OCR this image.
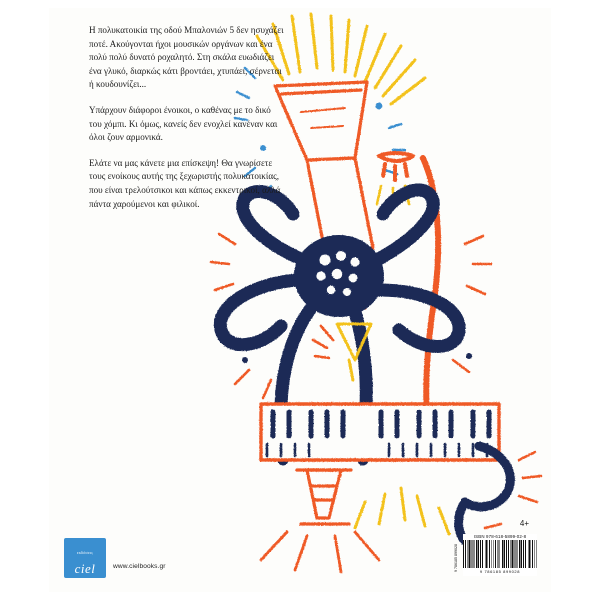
Η πολυκατοικία της οδού Μπαλονιών 5 δεν ησυχάζει ποτέ. Ακούγονται ήχοι μουσικών οργάνων και ένα πολύ πολύ δυνατό ροχαλητό. Στη σκάλα ευωδιάζει ένα γλυκό, διαρκώς κάτι βροντάει, χτυπάει, σέρνεται ή κουδουνίζει...

Υπάρχουν διάφοροι ένοικοι, ο καθένας με το δικό του χόμπι. Κι όμως, κανείς δεν ενοχλεί κανέναν και όλοι ζουν αρμονικά.

Ελάτε να μας κάνετε μια επίσκεψη! Θα γνωρίσετε τους ενοίκους αυτής της ξεχωριστής πολυκατοικίας, που είναι τρελούτσικοι και κάπως εκκεντρικοί, αλλά πάντα χαρούμενοι και φιλικοί.

εκδόσεις
ciel	www.cielbooks.gr
4+
ISBN 978-618-5899-02-8
9 786185 899028
9 786185 899028
